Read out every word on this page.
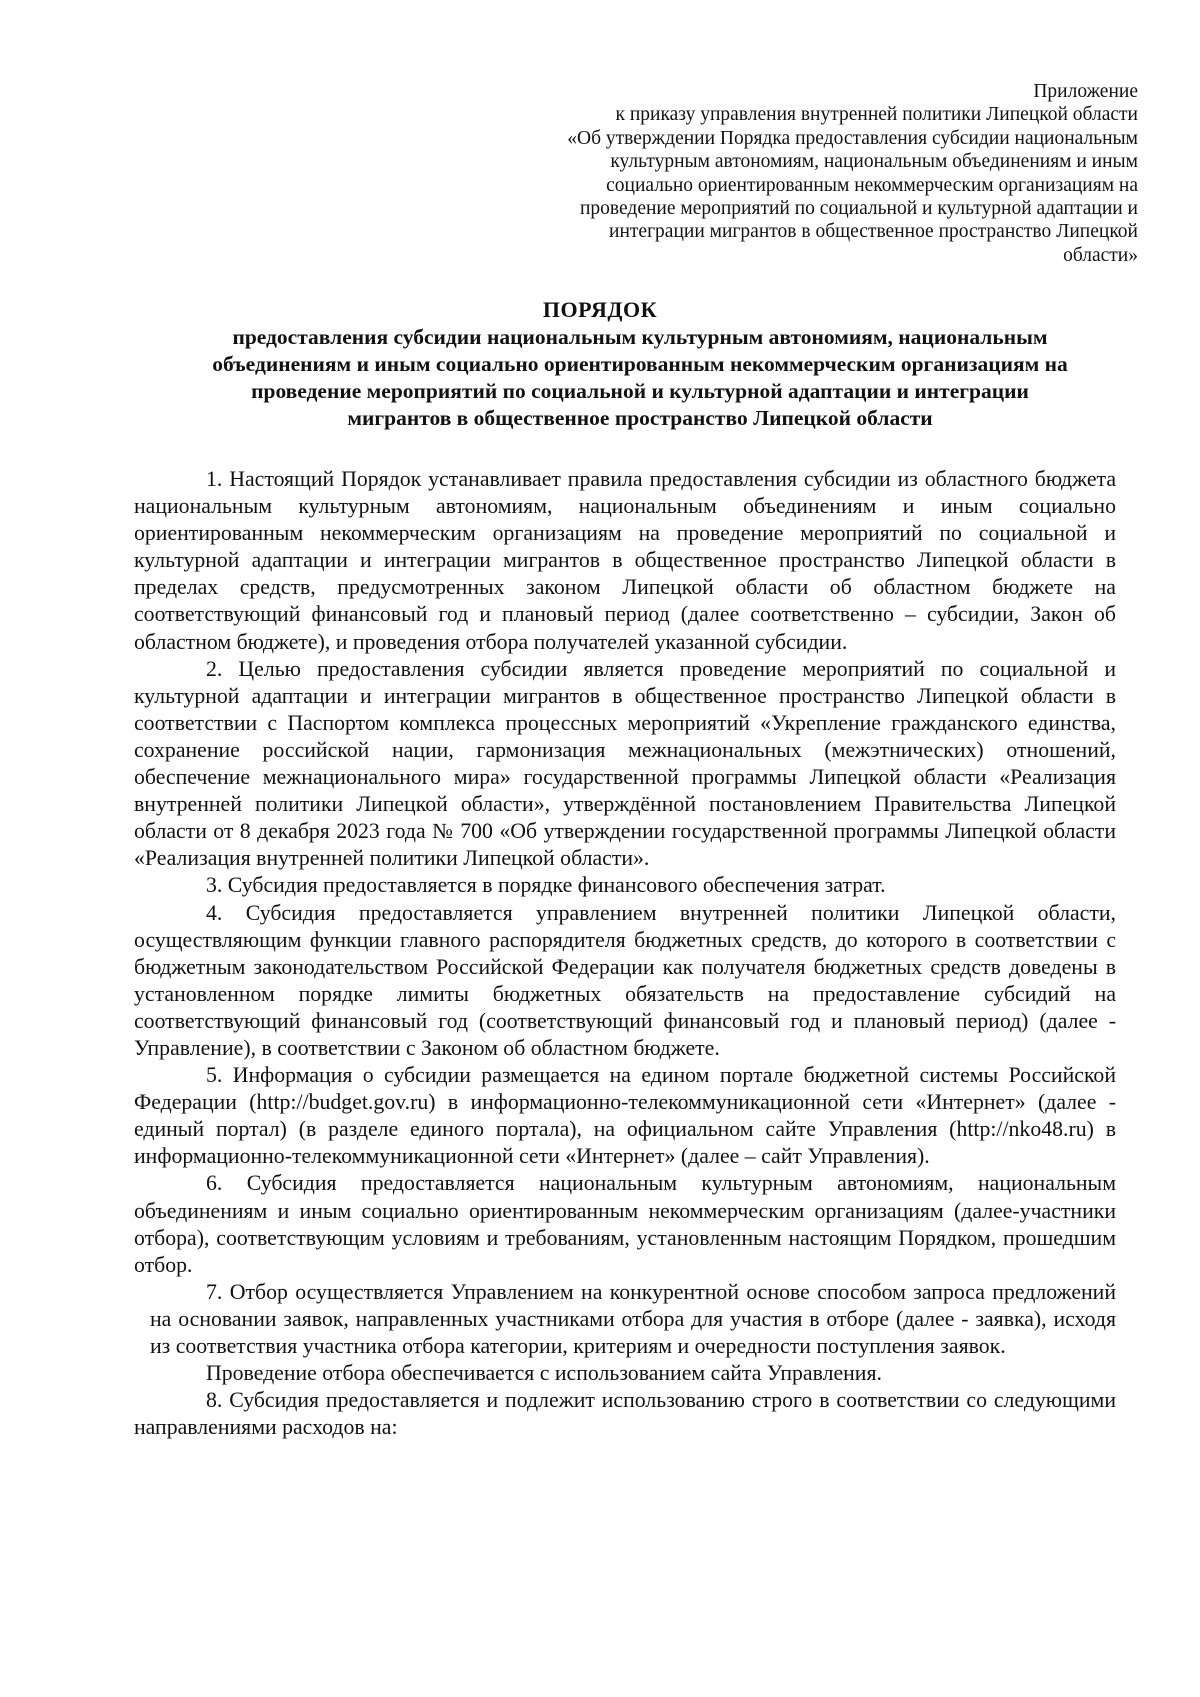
Приложение
к приказу управления внутренней политики Липецкой области
«Об утверждении Порядка предоставления субсидии национальным
культурным автономиям, национальным объединениям и иным
социально ориентированным некоммерческим организациям на
проведение мероприятий по социальной и культурной адаптации и
интеграции мигрантов в общественное пространство Липецкой
области»
ПОРЯДОК
предоставления субсидии национальным культурным автономиям, национальным
объединениям и иным социально ориентированным некоммерческим организациям на
проведение мероприятий по социальной и культурной адаптации и интеграции
мигрантов в общественное пространство Липецкой области

1. Настоящий Порядок устанавливает правила предоставления субсидии из областного бюджета национальным культурным автономиям, национальным объединениям и иным социально ориентированным некоммерческим организациям на проведение мероприятий по социальной и культурной адаптации и интеграции мигрантов в общественное пространство Липецкой области в пределах средств, предусмотренных законом Липецкой области об областном бюджете на соответствующий финансовый год и плановый период (далее соответственно – субсидии, Закон об областном бюджете), и проведения отбора получателей указанной субсидии.

2. Целью предоставления субсидии является проведение мероприятий по социальной и культурной адаптации и интеграции мигрантов в общественное пространство Липецкой области в соответствии с Паспортом комплекса процессных мероприятий «Укрепление гражданского единства, сохранение российской нации, гармонизация межнациональных (межэтнических) отношений, обеспечение межнационального мира» государственной программы Липецкой области «Реализация внутренней политики Липецкой области», утверждённой постановлением Правительства Липецкой области от 8 декабря 2023 года № 700 «Об утверждении государственной программы Липецкой области «Реализация внутренней политики Липецкой области».

3. Субсидия предоставляется в порядке финансового обеспечения затрат.

4. Субсидия предоставляется управлением внутренней политики Липецкой области, осуществляющим функции главного распорядителя бюджетных средств, до которого в соответствии с бюджетным законодательством Российской Федерации как получателя бюджетных средств доведены в установленном порядке лимиты бюджетных обязательств на предоставление субсидий на соответствующий финансовый год (соответствующий финансовый год и плановый период) (далее - Управление), в соответствии с Законом об областном бюджете.

5. Информация о субсидии размещается на едином портале бюджетной системы Российской Федерации (http://budget.gov.ru) в информационно-телекоммуникационной сети «Интернет» (далее - единый портал) (в разделе единого портала), на официальном сайте Управления (http://nko48.ru) в информационно-телекоммуникационной сети «Интернет» (далее – сайт Управления).

6. Субсидия предоставляется национальным культурным автономиям, национальным объединениям и иным социально ориентированным некоммерческим организациям (далее-участники отбора), соответствующим условиям и требованиям, установленным настоящим Порядком, прошедшим отбор.

7. Отбор осуществляется Управлением на конкурентной основе способом запроса предложений на основании заявок, направленных участниками отбора для участия в отборе (далее - заявка), исходя из соответствия участника отбора категории, критериям и очередности поступления заявок.

Проведение отбора обеспечивается с использованием сайта Управления.

8. Субсидия предоставляется и подлежит использованию строго в соответствии со следующими направлениями расходов на:
